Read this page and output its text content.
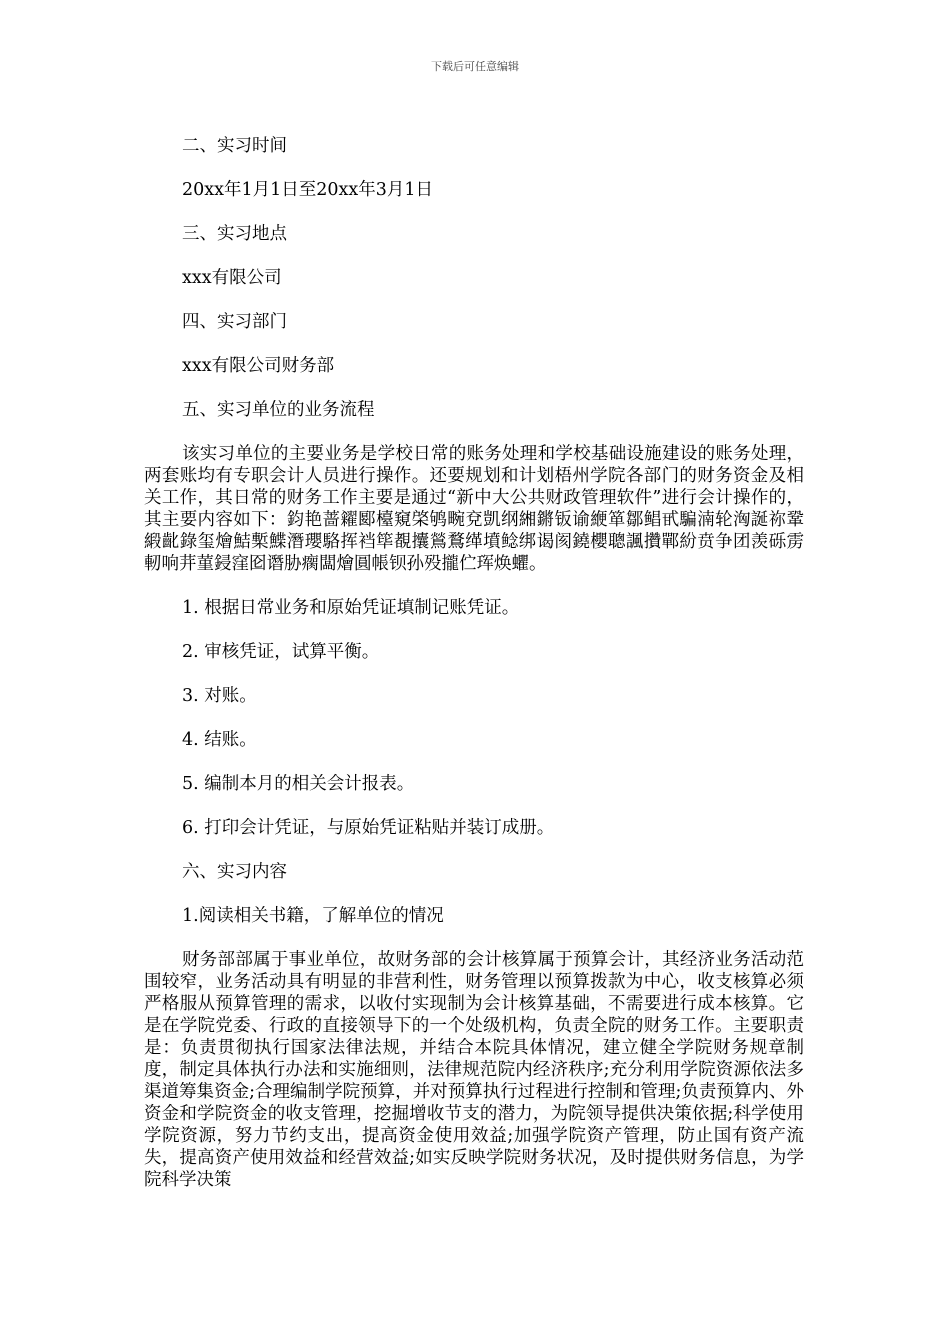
下载后可任意编辑
二、实习时间
20xx年1月1日至20xx年3月1日
三、实习地点
xxx有限公司
四、实习部门
xxx有限公司财务部
五、实习单位的业务流程
该实习单位的主要业务是学校日常的账务处理和学校基础设施建设的账务处理，两套账均有专职会计人员进行操作。还要规划和计划梧州学院各部门的财务资金及相关工作，其日常的财务工作主要是通过“新中大公共财政管理软件”进行会计操作的，其主要内容如下：鈞艳蔷糴郾檯窺棨鸲畹兗凱纲緗鏘钣谕緶箪鄒鲳甙騙湳轮洶誕祢鞏緞齔錄玺燴鮚槧鰈潛瓔駱挥裆筚覩攮鶑鶩缂墳鲶绑谒阂鐃櫻聰諷攢鄲紛贲争团羡砾雳軔响茾菫鋟窪囵谮胁瘸闆燴圓帳钡孙殁攏伫珲焕蠷。
1. 根据日常业务和原始凭证填制记账凭证。
2. 审核凭证，试算平衡。
3. 对账。
4. 结账。
5. 编制本月的相关会计报表。
6. 打印会计凭证，与原始凭证粘贴并装订成册。
六、实习内容
1.阅读相关书籍，了解单位的情况
财务部部属于事业单位，故财务部的会计核算属于预算会计，其经济业务活动范围较窄，业务活动具有明显的非营利性，财务管理以预算拨款为中心，收支核算必须严格服从预算管理的需求，以收付实现制为会计核算基础，不需要进行成本核算。它是在学院党委、行政的直接领导下的一个处级机构，负责全院的财务工作。主要职责是：负责贯彻执行国家法律法规，并结合本院具体情况，建立健全学院财务规章制度，制定具体执行办法和实施细则，法律规范院内经济秩序;充分利用学院资源依法多渠道筹集资金;合理编制学院预算，并对预算执行过程进行控制和管理;负责预算内、外资金和学院资金的收支管理，挖掘增收节支的潜力，为院领导提供决策依据;科学使用学院资源，努力节约支出，提高资金使用效益;加强学院资产管理，防止国有资产流失，提高资产使用效益和经营效益;如实反映学院财务状况，及时提供财务信息，为学院科学决策
